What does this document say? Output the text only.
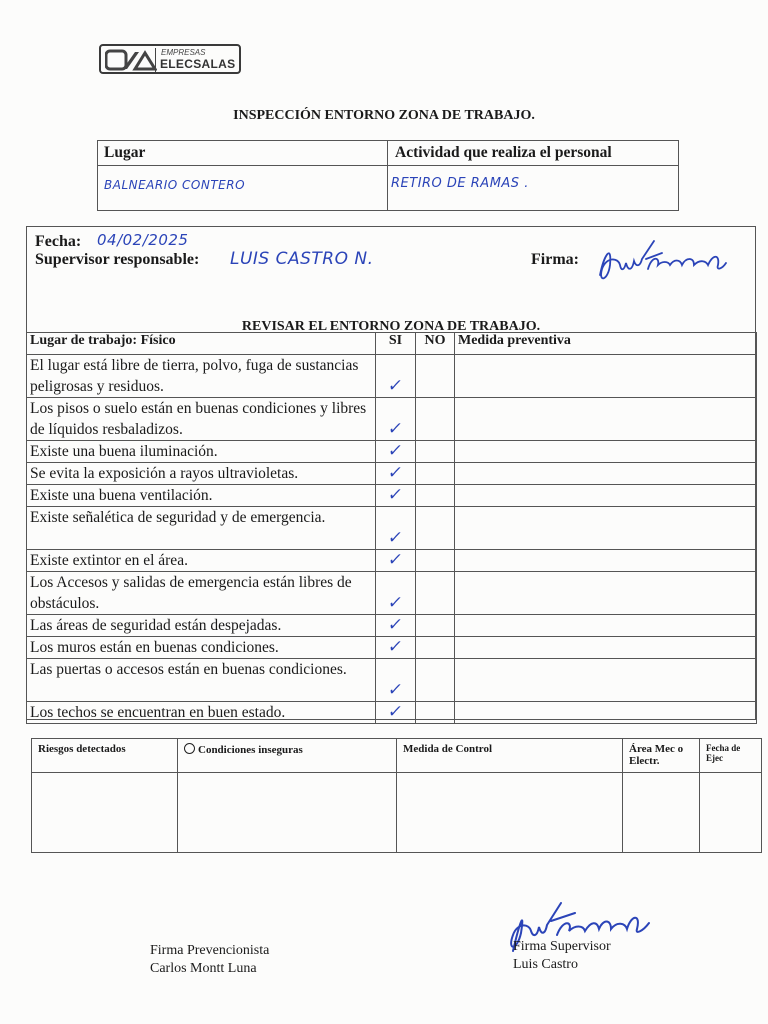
EMPRESAS
ELECSALAS
INSPECCIÓN ENTORNO ZONA DE TRABAJO.
Lugar	Actividad que realiza el personal
BALNEARIO CONTERO	RETIRO DE RAMAS .
Fecha: 04/02/2025
Supervisor responsable: LUIS CASTRO N.	Firma:
REVISAR EL ENTORNO ZONA DE TRABAJO.
Lugar de trabajo: Físico	SI	NO	Medida preventiva
El lugar está libre de tierra, polvo, fuga de sustancias peligrosas y residuos.	✓		
Los pisos o suelo están en buenas condiciones y libres de líquidos resbaladizos.	✓		
Existe una buena iluminación.	✓		
Se evita la exposición a rayos ultravioletas.	✓		
Existe una buena ventilación.	✓		
Existe señalética de seguridad y de emergencia.	✓		
Existe extintor en el área.	✓		
Los Accesos y salidas de emergencia están libres de obstáculos.	✓		
Las áreas de seguridad están despejadas.	✓		
Los muros están en buenas condiciones.	✓		
Las puertas o accesos están en buenas condiciones.	✓		
Los techos se encuentran en buen estado.	✓		
Riesgos detectados	Condiciones inseguras	Medida de Control	Área Mec o Electr.	Fecha de Ejec

Firma Prevencionista
Carlos Montt Luna
Firma Supervisor
Luis Castro
